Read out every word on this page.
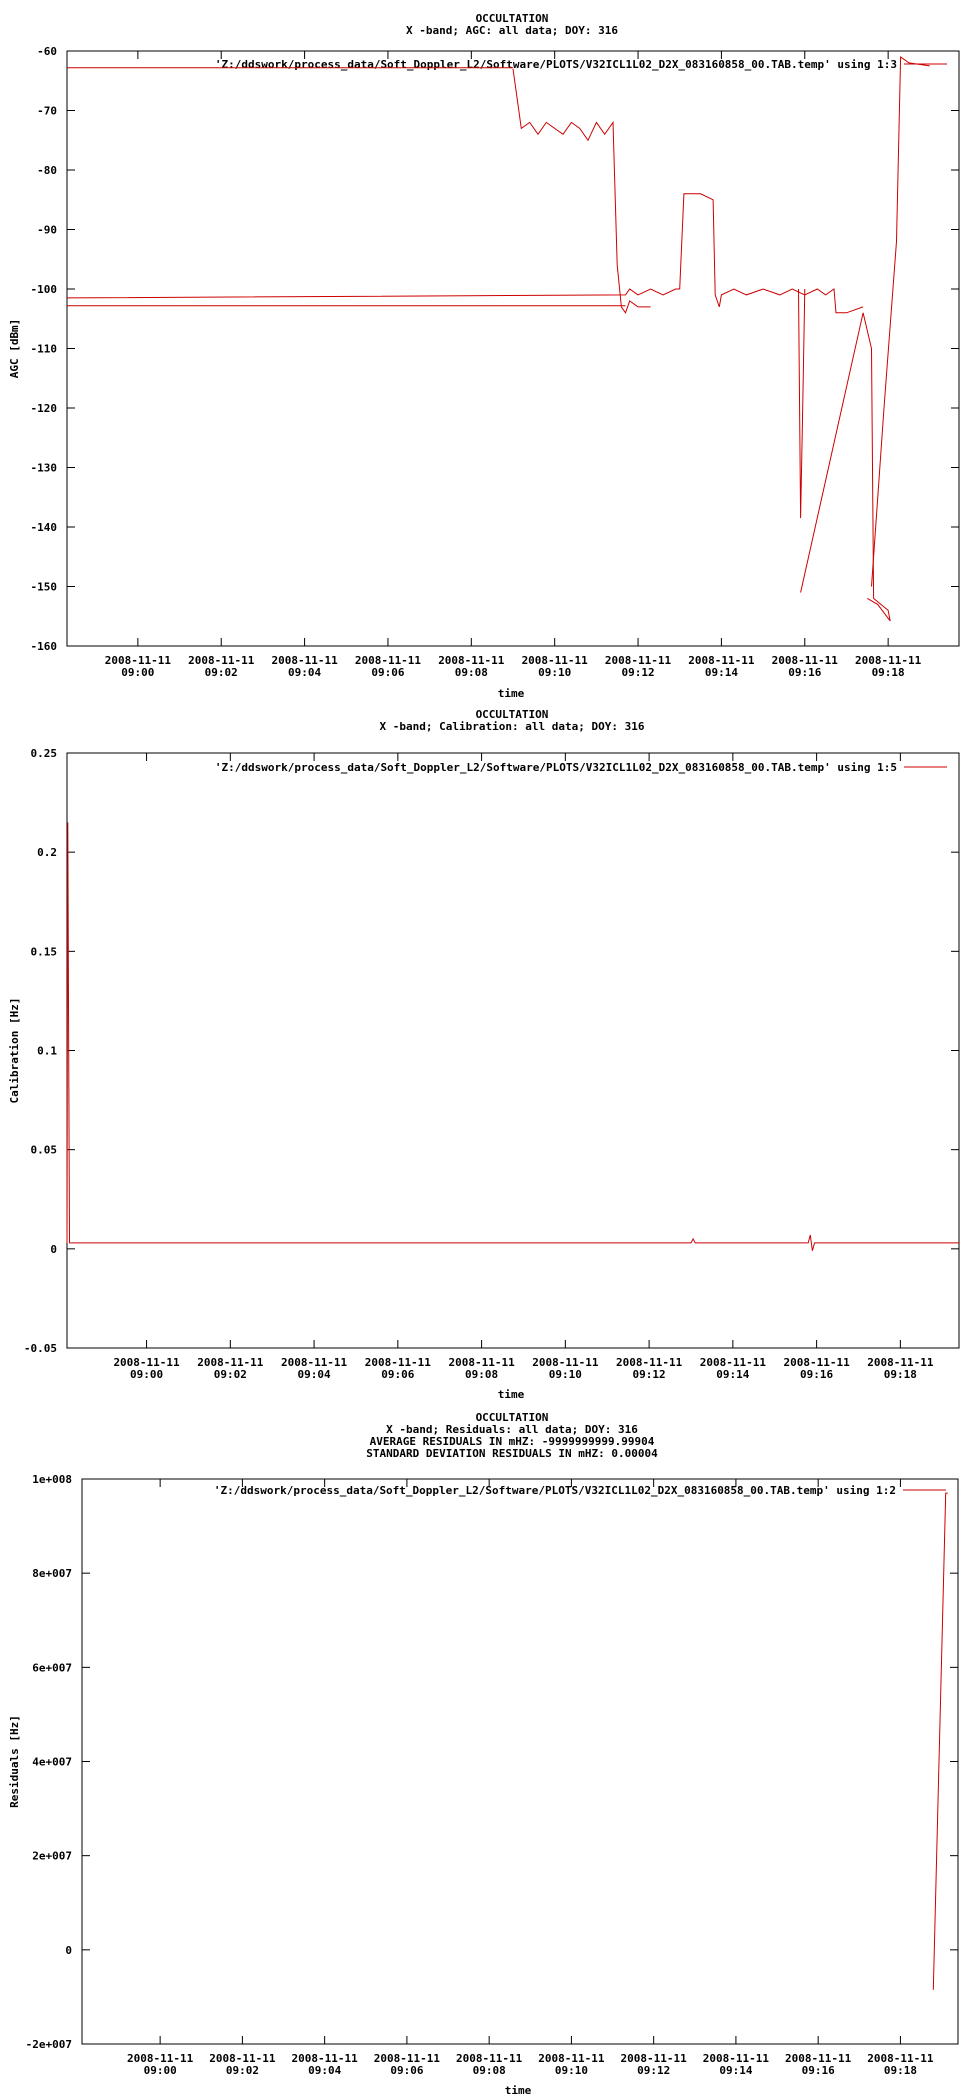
OCCULTATION
X -band; AGC: all data; DOY: 316
-60
-70
-80
-90
-100
-110
-120
-130
-140
-150
-160
2008-11-11
09:00
2008-11-11
09:02
2008-11-11
09:04
2008-11-11
09:06
2008-11-11
09:08
2008-11-11
09:10
2008-11-11
09:12
2008-11-11
09:14
2008-11-11
09:16
2008-11-11
09:18
time
AGC [dBm]
'Z:/ddswork/process_data/Soft_Doppler_L2/Software/PLOTS/V32ICL1L02_D2X_083160858_00.TAB.temp' using 1:3
OCCULTATION
X -band; Calibration: all data; DOY: 316
0.25
0.2
0.15
0.1
0.05
0
-0.05
2008-11-11
09:00
2008-11-11
09:02
2008-11-11
09:04
2008-11-11
09:06
2008-11-11
09:08
2008-11-11
09:10
2008-11-11
09:12
2008-11-11
09:14
2008-11-11
09:16
2008-11-11
09:18
time
Calibration [Hz]
'Z:/ddswork/process_data/Soft_Doppler_L2/Software/PLOTS/V32ICL1L02_D2X_083160858_00.TAB.temp' using 1:5
OCCULTATION
X -band; Residuals: all data; DOY: 316
AVERAGE RESIDUALS IN mHZ: -9999999999.99904
STANDARD DEVIATION RESIDUALS IN mHZ: 0.00004
1e+008
8e+007
6e+007
4e+007
2e+007
0
-2e+007
2008-11-11
09:00
2008-11-11
09:02
2008-11-11
09:04
2008-11-11
09:06
2008-11-11
09:08
2008-11-11
09:10
2008-11-11
09:12
2008-11-11
09:14
2008-11-11
09:16
2008-11-11
09:18
time
Residuals [Hz]
'Z:/ddswork/process_data/Soft_Doppler_L2/Software/PLOTS/V32ICL1L02_D2X_083160858_00.TAB.temp' using 1:2
